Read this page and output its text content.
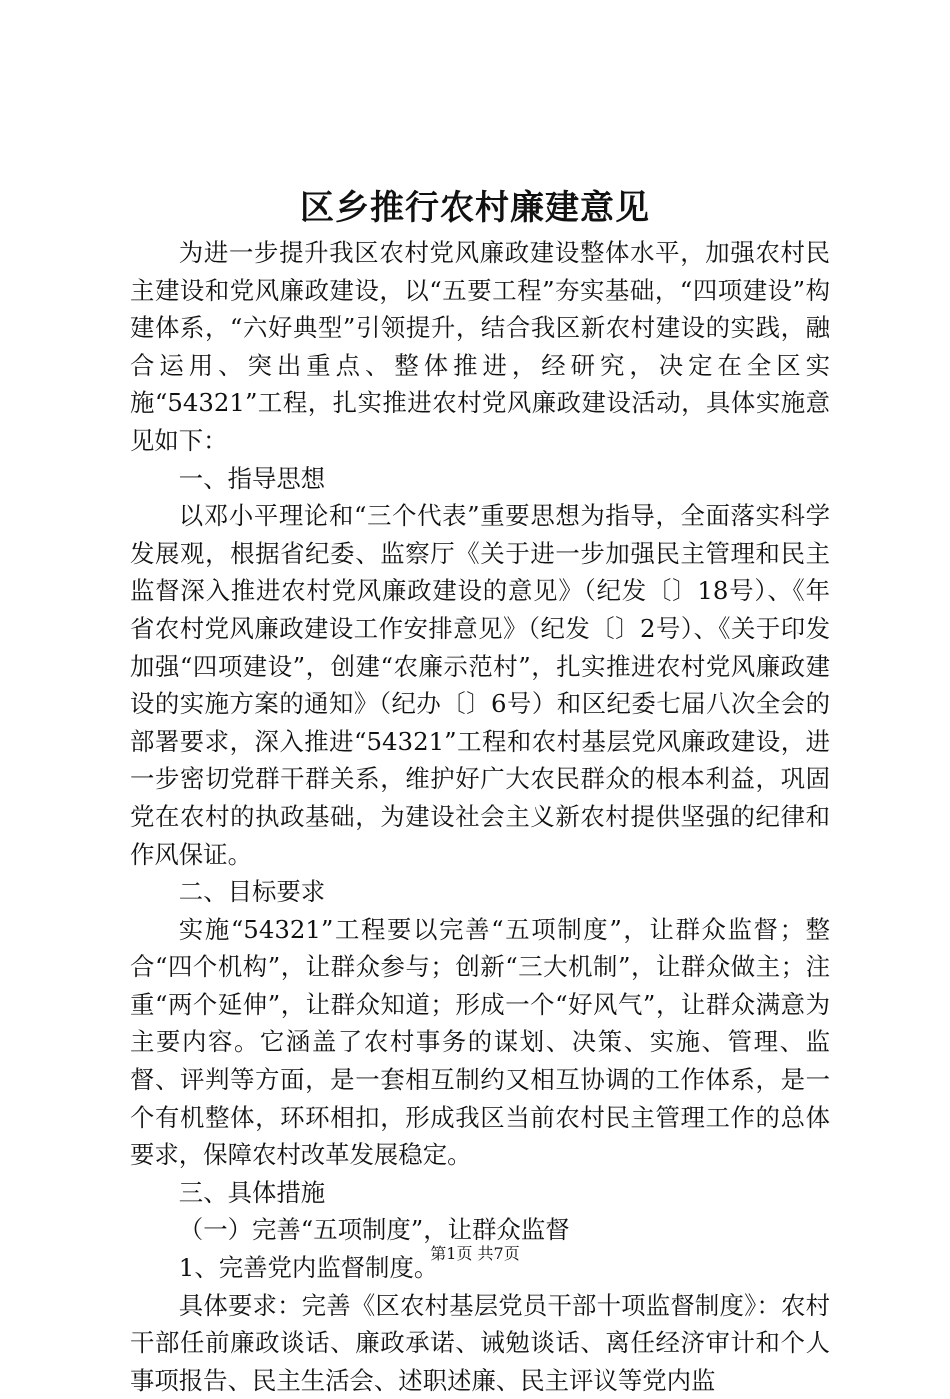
区乡推行农村廉建意见

为进一步提升我区农村党风廉政建设整体水平，加强农村民主建设和党风廉政建设，以“五要工程”夯实基础，“四项建设”构建体系，“六好典型”引领提升，结合我区新农村建设的实践，融合运用、突出重点、整体推进，经研究，决定在全区实施“54321”工程，扎实推进农村党风廉政建设活动，具体实施意见如下：

一、指导思想

以邓小平理论和“三个代表”重要思想为指导，全面落实科学发展观，根据省纪委、监察厅《关于进一步加强民主管理和民主监督深入推进农村党风廉政建设的意见》（纪发〔〕18号）、《年省农村党风廉政建设工作安排意见》（纪发〔〕2号）、《关于印发加强“四项建设”，创建“农廉示范村”，扎实推进农村党风廉政建设的实施方案的通知》（纪办〔〕6号）和区纪委七届八次全会的部署要求，深入推进“54321”工程和农村基层党风廉政建设，进一步密切党群干群关系，维护好广大农民群众的根本利益，巩固党在农村的执政基础，为建设社会主义新农村提供坚强的纪律和作风保证。

二、目标要求

实施“54321”工程要以完善“五项制度”，让群众监督；整合“四个机构”，让群众参与；创新“三大机制”，让群众做主；注重“两个延伸”，让群众知道；形成一个“好风气”，让群众满意为主要内容。它涵盖了农村事务的谋划、决策、实施、管理、监督、评判等方面，是一套相互制约又相互协调的工作体系，是一个有机整体，环环相扣，形成我区当前农村民主管理工作的总体要求，保障农村改革发展稳定。

三、具体措施

（一）完善“五项制度”，让群众监督

1、完善党内监督制度。

具体要求：完善《区农村基层党员干部十项监督制度》：农村干部任前廉政谈话、廉政承诺、诫勉谈话、离任经济审计和个人事项报告、民主生活会、述职述廉、民主评议等党内监

第1页 共7页
